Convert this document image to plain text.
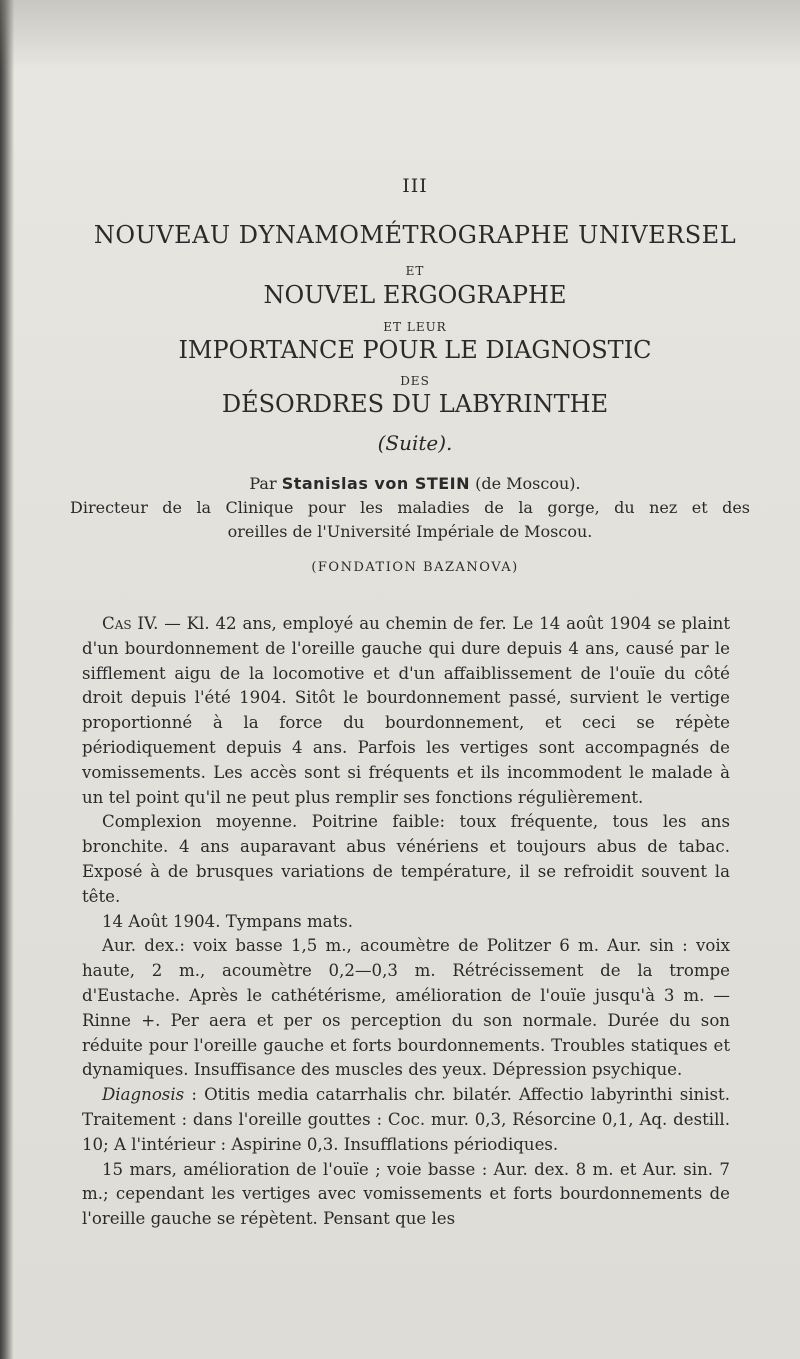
III
NOUVEAU DYNAMOMÉTROGRAPHE UNIVERSEL
ET
NOUVEL ERGOGRAPHE
ET LEUR
IMPORTANCE POUR LE DIAGNOSTIC
DES
DÉSORDRES DU LABYRINTHE
(Suite).
Par Stanislas von STEIN (de Moscou).
Directeur de la Clinique pour les maladies de la gorge, du nez et des
oreilles de l'Université Impériale de Moscou.
(FONDATION BAZANOVA)

Cas IV. — Kl. 42 ans, employé au chemin de fer. Le 14 août 1904 se plaint d'un bourdonnement de l'oreille gauche qui dure depuis 4 ans, causé par le sifflement aigu de la locomotive et d'un affaiblissement de l'ouïe du côté droit depuis l'été 1904. Sitôt le bourdonnement passé, survient le vertige proportionné à la force du bourdonnement, et ceci se répète périodiquement depuis 4 ans. Parfois les vertiges sont accompagnés de vomissements. Les accès sont si fréquents et ils incommodent le malade à un tel point qu'il ne peut plus remplir ses fonctions régulièrement.

Complexion moyenne. Poitrine faible: toux fréquente, tous les ans bronchite. 4 ans auparavant abus vénériens et toujours abus de tabac. Exposé à de brusques variations de température, il se refroidit souvent la tête.

14 Août 1904. Tympans mats.

Aur. dex.: voix basse 1,5 m., acoumètre de Politzer 6 m. Aur. sin : voix haute, 2 m., acoumètre 0,2—0,3 m. Rétrécissement de la trompe d'Eustache. Après le cathétérisme, amélioration de l'ouïe jusqu'à 3 m. — Rinne +. Per aera et per os perception du son normale. Durée du son réduite pour l'oreille gauche et forts bourdonnements. Troubles statiques et dynamiques. Insuffisance des muscles des yeux. Dépression psychique.

Diagnosis : Otitis media catarrhalis chr. bilatér. Affectio labyrinthi sinist. Traitement : dans l'oreille gouttes : Coc. mur. 0,3, Résorcine 0,1, Aq. destill. 10; A l'intérieur : Aspirine 0,3. Insufflations périodiques.

15 mars, amélioration de l'ouïe ; voie basse : Aur. dex. 8 m. et Aur. sin. 7 m.; cependant les vertiges avec vomissements et forts bourdonnements de l'oreille gauche se répètent. Pensant que les
